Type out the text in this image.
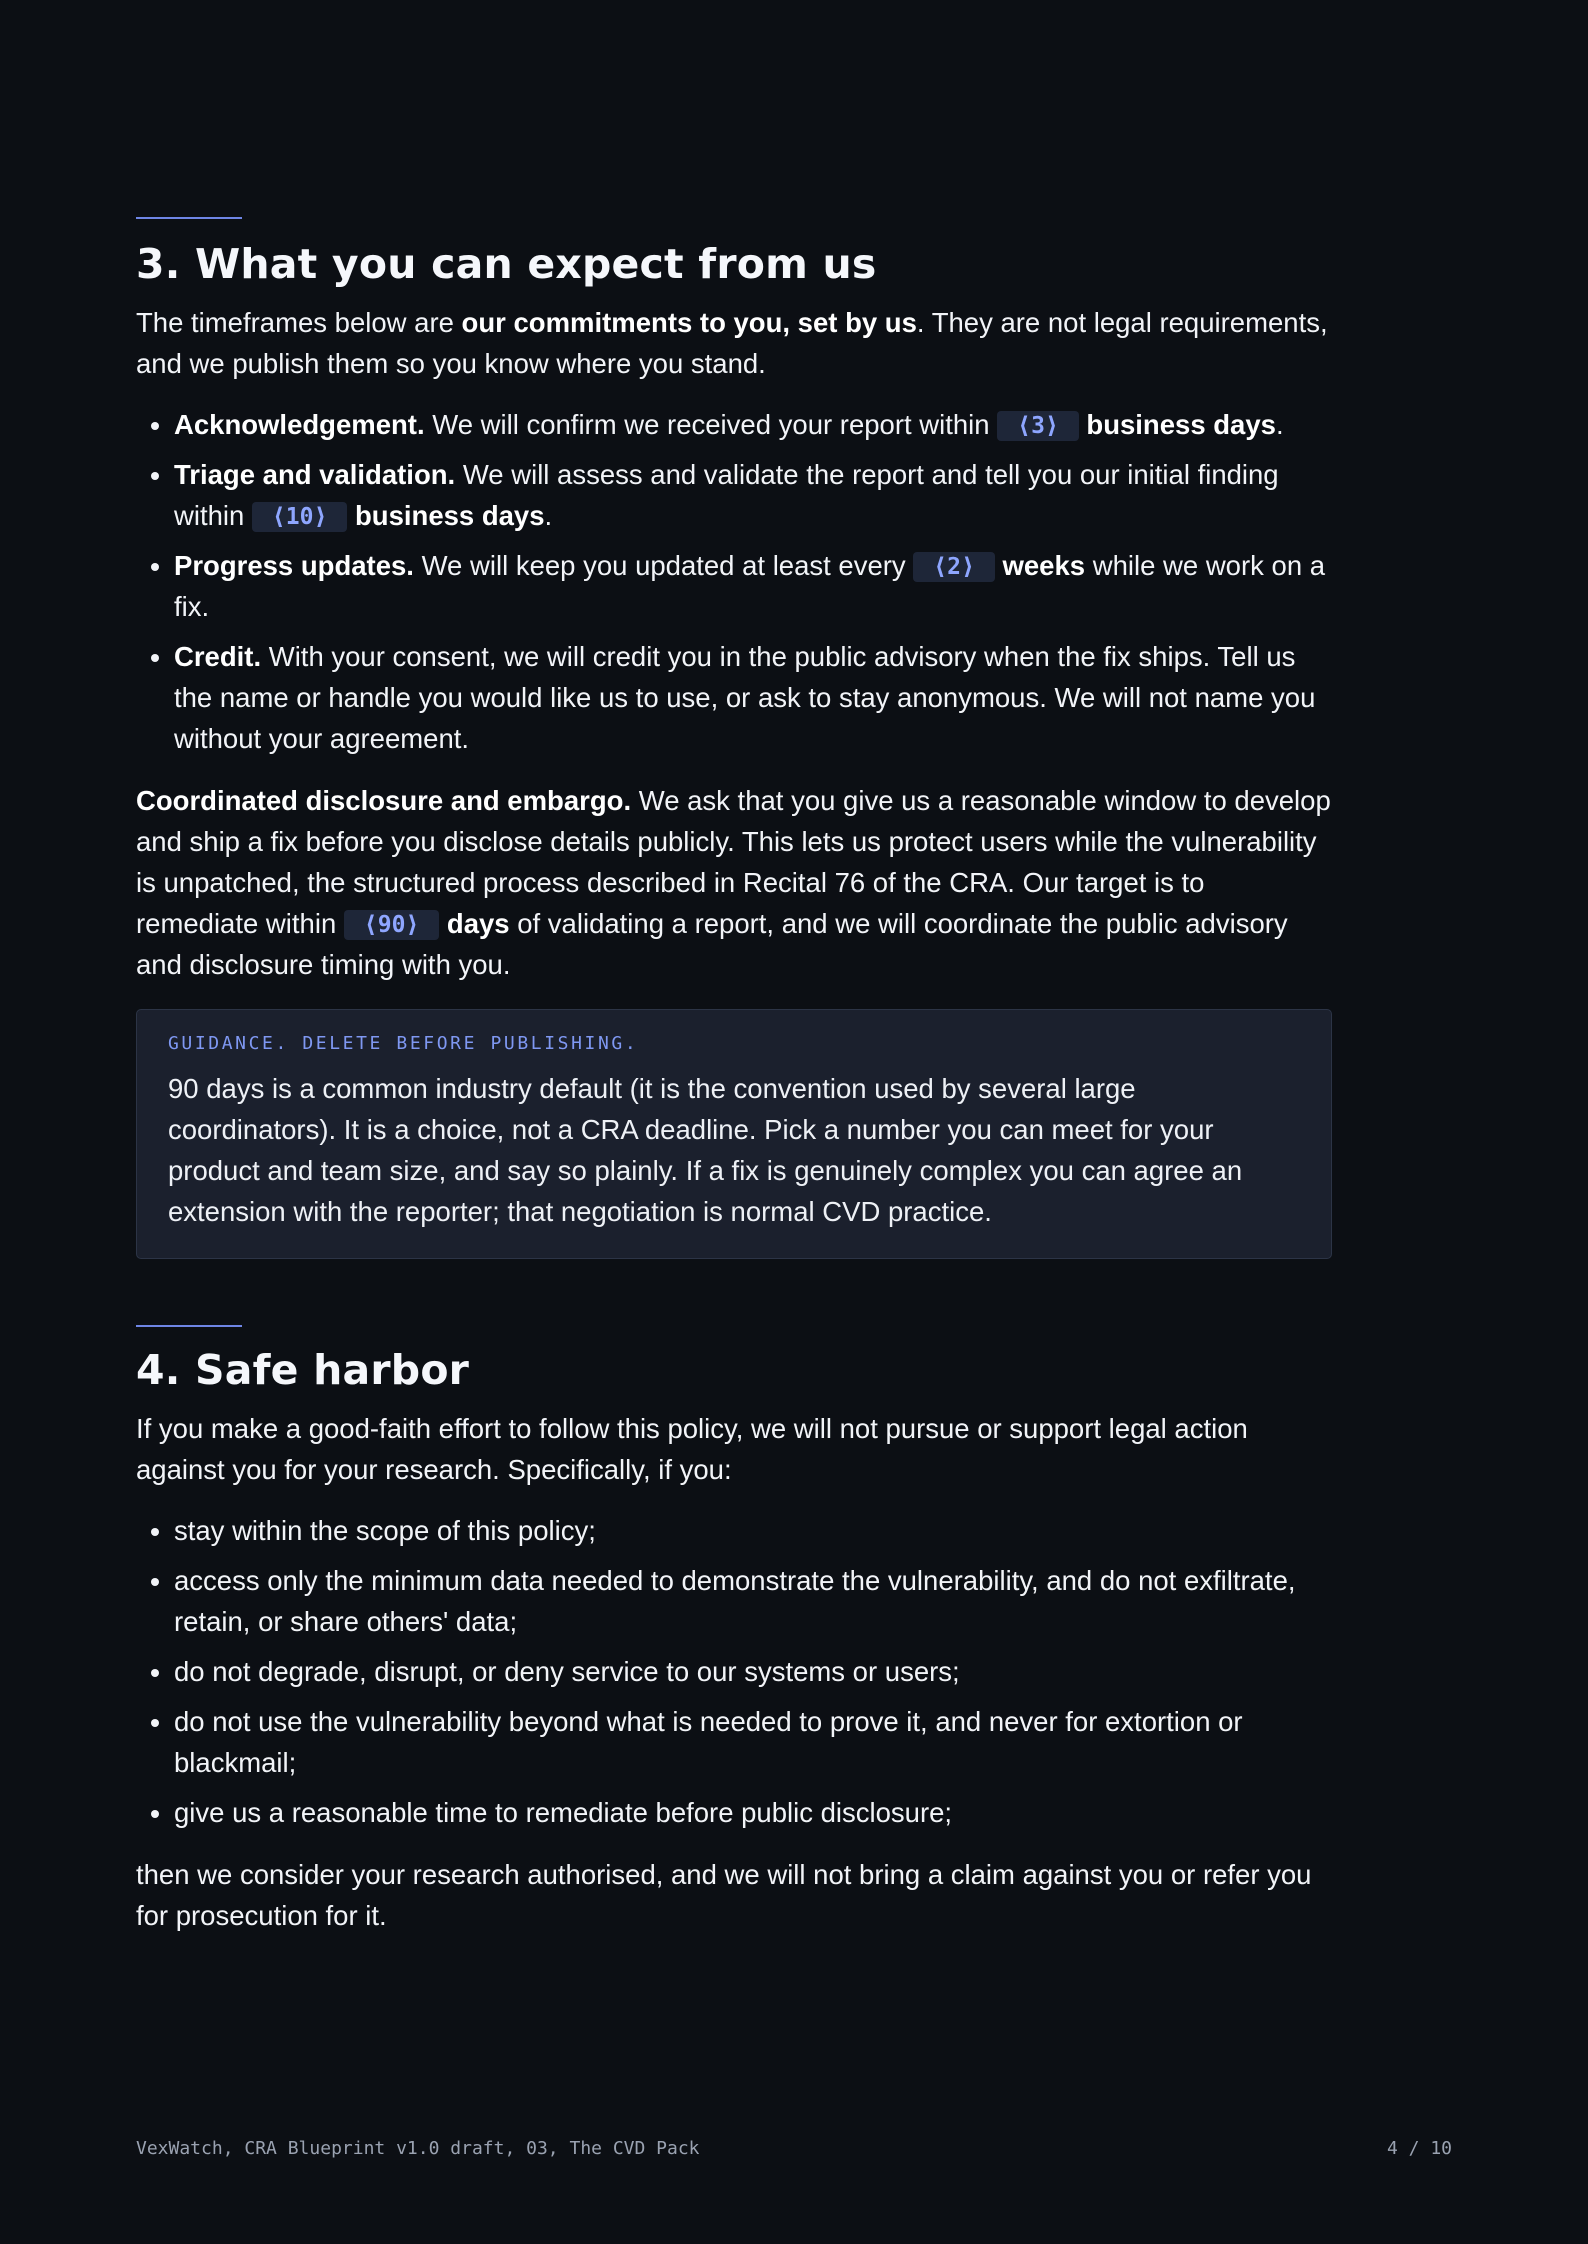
3. What you can expect from us

The timeframes below are our commitments to you, set by us. They are not legal requirements, and we publish them so you know where you stand.

• Acknowledgement. We will confirm we received your report within ⟨3⟩ business days.
• Triage and validation. We will assess and validate the report and tell you our initial finding within ⟨10⟩ business days.
• Progress updates. We will keep you updated at least every ⟨2⟩ weeks while we work on a fix.
• Credit. With your consent, we will credit you in the public advisory when the fix ships. Tell us the name or handle you would like us to use, or ask to stay anonymous. We will not name you without your agreement.

Coordinated disclosure and embargo. We ask that you give us a reasonable window to develop and ship a fix before you disclose details publicly. This lets us protect users while the vulnerability is unpatched, the structured process described in Recital 76 of the CRA. Our target is to remediate within ⟨90⟩ days of validating a report, and we will coordinate the public advisory and disclosure timing with you.

GUIDANCE. DELETE BEFORE PUBLISHING.

90 days is a common industry default (it is the convention used by several large coordinators). It is a choice, not a CRA deadline. Pick a number you can meet for your product and team size, and say so plainly. If a fix is genuinely complex you can agree an extension with the reporter; that negotiation is normal CVD practice.

4. Safe harbor

If you make a good-faith effort to follow this policy, we will not pursue or support legal action against you for your research. Specifically, if you:

• stay within the scope of this policy;
• access only the minimum data needed to demonstrate the vulnerability, and do not exfiltrate, retain, or share others' data;
• do not degrade, disrupt, or deny service to our systems or users;
• do not use the vulnerability beyond what is needed to prove it, and never for extortion or blackmail;
• give us a reasonable time to remediate before public disclosure;

then we consider your research authorised, and we will not bring a claim against you or refer you for prosecution for it.

VexWatch, CRA Blueprint v1.0 draft, 03, The CVD Pack	4 / 10
